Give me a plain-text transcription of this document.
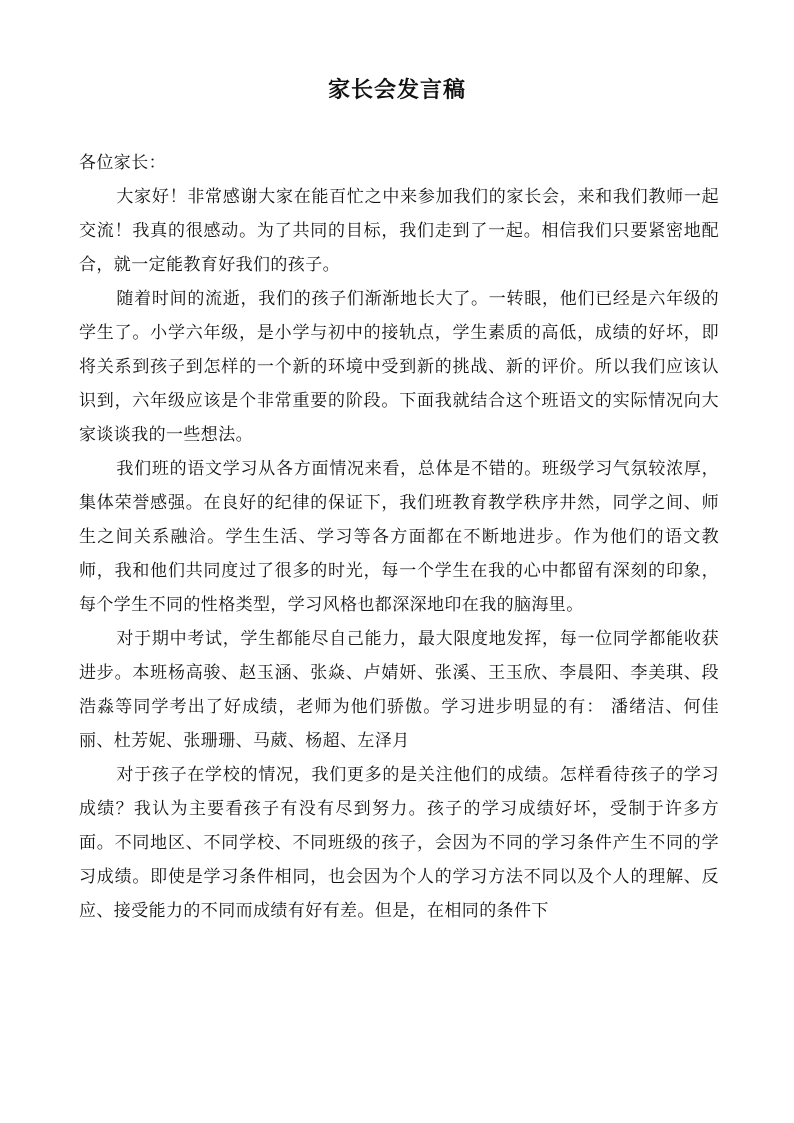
家长会发言稿

各位家长：

大家好！非常感谢大家在能百忙之中来参加我们的家长会，来和我们教师一起交流！我真的很感动。为了共同的目标，我们走到了一起。相信我们只要紧密地配合，就一定能教育好我们的孩子。

随着时间的流逝，我们的孩子们渐渐地长大了。一转眼，他们已经是六年级的学生了。小学六年级，是小学与初中的接轨点，学生素质的高低，成绩的好坏，即将关系到孩子到怎样的一个新的环境中受到新的挑战、新的评价。所以我们应该认识到，六年级应该是个非常重要的阶段。下面我就结合这个班语文的实际情况向大家谈谈我的一些想法。

我们班的语文学习从各方面情况来看，总体是不错的。班级学习气氛较浓厚，集体荣誉感强。在良好的纪律的保证下，我们班教育教学秩序井然，同学之间、师生之间关系融洽。学生生活、学习等各方面都在不断地进步。作为他们的语文教师，我和他们共同度过了很多的时光，每一个学生在我的心中都留有深刻的印象，每个学生不同的性格类型，学习风格也都深深地印在我的脑海里。

对于期中考试，学生都能尽自己能力，最大限度地发挥，每一位同学都能收获进步。本班杨高骏、赵玉涵、张焱、卢婧妍、张溪、王玉欣、李晨阳、李美琪、段浩淼等同学考出了好成绩，老师为他们骄傲。学习进步明显的有： 潘绪洁、何佳丽、杜芳妮、张珊珊、马葳、杨超、左泽月

对于孩子在学校的情况，我们更多的是关注他们的成绩。怎样看待孩子的学习成绩？我认为主要看孩子有没有尽到努力。孩子的学习成绩好坏，受制于许多方面。不同地区、不同学校、不同班级的孩子，会因为不同的学习条件产生不同的学习成绩。即使是学习条件相同，也会因为个人的学习方法不同以及个人的理解、反应、接受能力的不同而成绩有好有差。但是，在相同的条件下
